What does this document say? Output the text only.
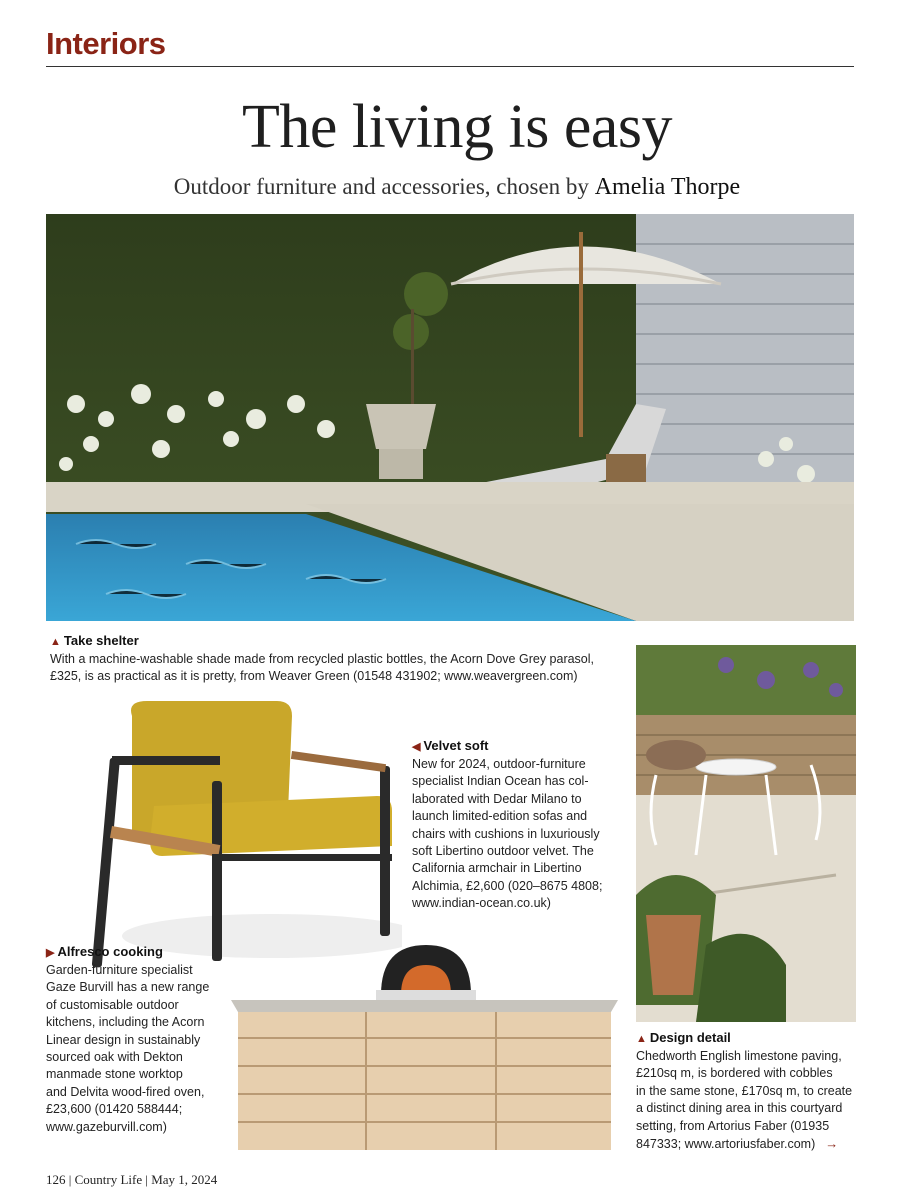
Interiors
The living is easy
Outdoor furniture and accessories, chosen by Amelia Thorpe
▲ Take shelter
With a machine-washable shade made from recycled plastic bottles, the Acorn Dove Grey parasol,
£325, is as practical as it is pretty, from Weaver Green (01548 431902; www.weavergreen.com)
◀ Velvet soft
New for 2024, outdoor-furniture
specialist Indian Ocean has col-
laborated with Dedar Milano to
launch limited-edition sofas and
chairs with cushions in luxuriously
soft Libertino outdoor velvet. The
California armchair in Libertino
Alchimia, £2,600 (020–8675 4808;
www.indian-ocean.co.uk)
▶ Alfresco cooking
Garden-furniture specialist
Gaze Burvill has a new range
of customisable outdoor
kitchens, including the Acorn
Linear design in sustainably
sourced oak with Dekton
manmade stone worktop
and Delvita wood-fired oven,
£23,600 (01420 588444;
www.gazeburvill.com)
▲ Design detail
Chedworth English limestone paving,
£210sq m, is bordered with cobbles
in the same stone, £170sq m, to create
a distinct dining area in this courtyard
setting, from Artorius Faber (01935
847333; www.artoriusfaber.com) →
126 | Country Life | May 1, 2024
